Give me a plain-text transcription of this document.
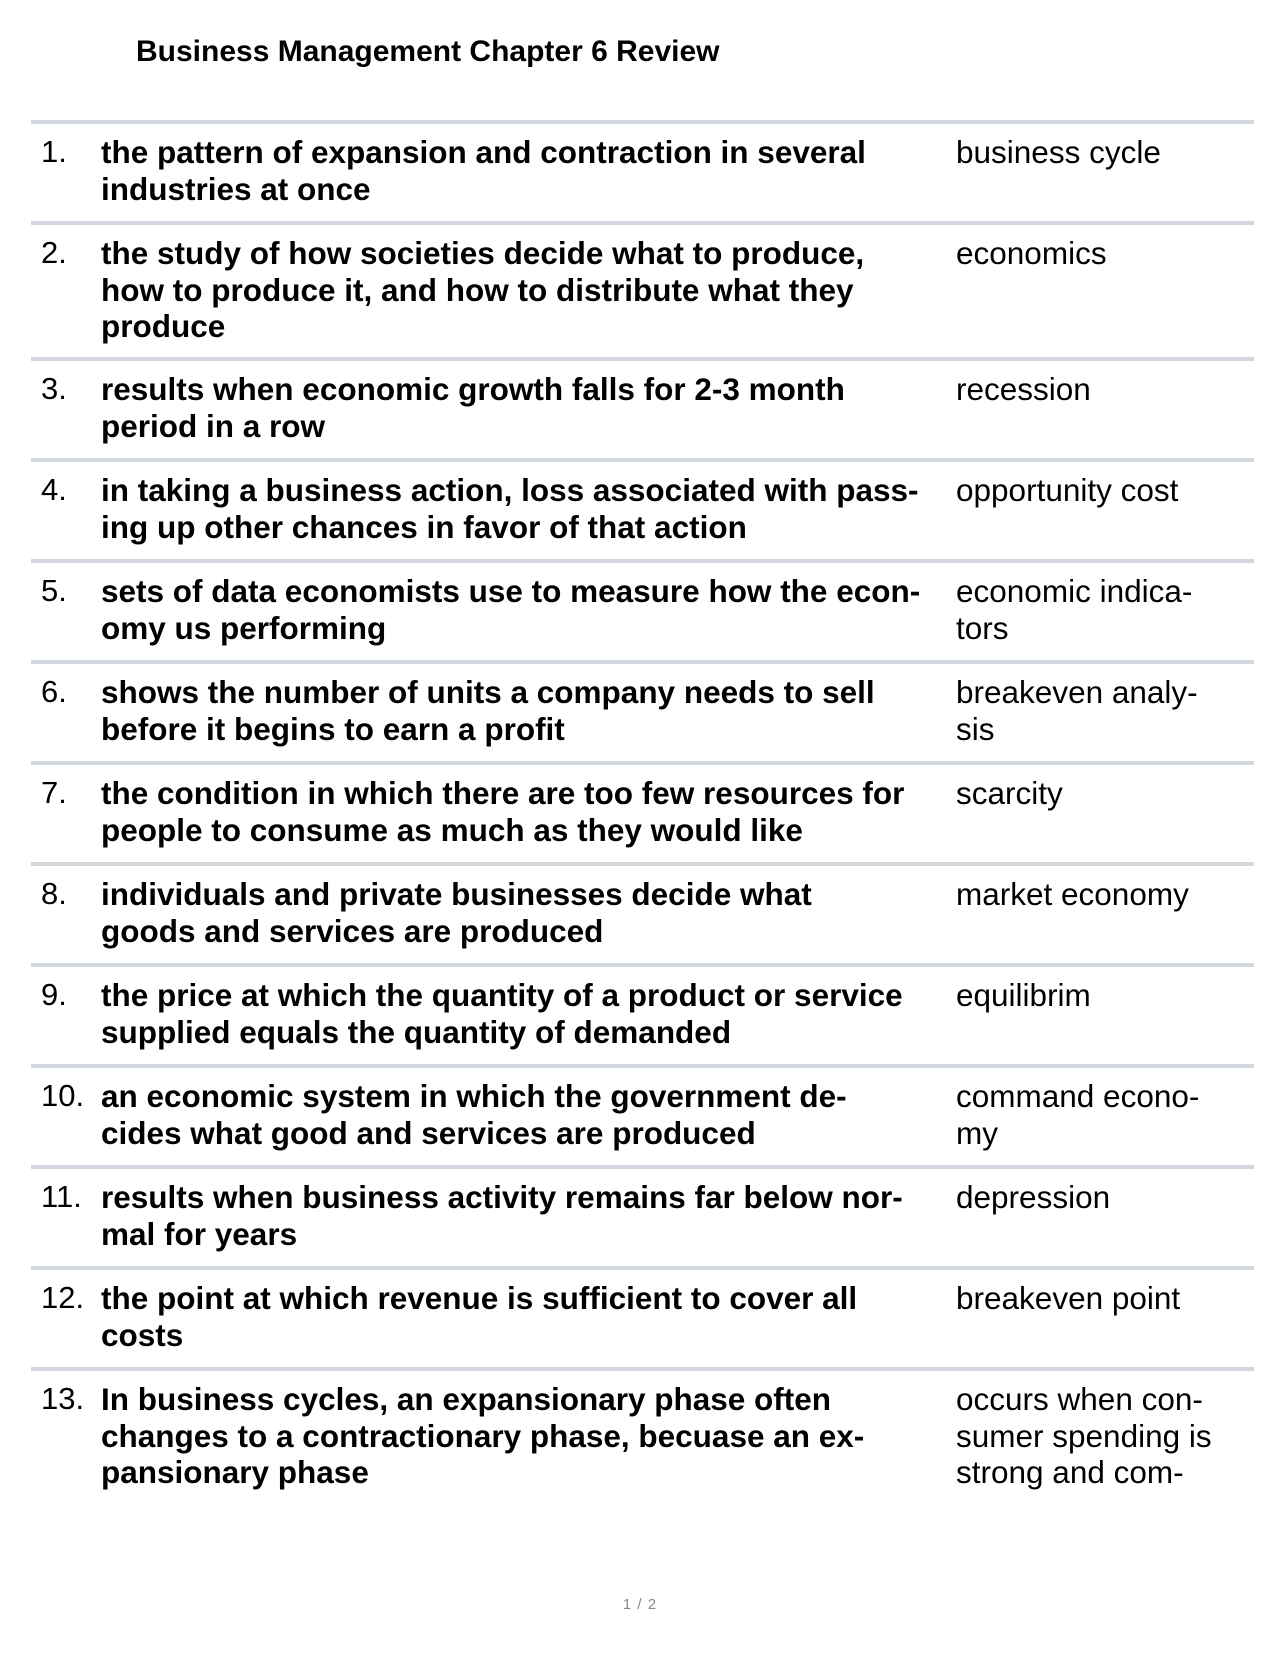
Business Management Chapter 6 Review
1. the pattern of expansion and contraction in several
industries at once
business cycle
2. the study of how societies decide what to produce,
how to produce it, and how to distribute what they
produce
economics
3. results when economic growth falls for 2-3 month
period in a row
recession
4. in taking a business action, loss associated with pass-
ing up other chances in favor of that action
opportunity cost
5. sets of data economists use to measure how the econ-
omy us performing
economic indica-
tors
6. shows the number of units a company needs to sell
before it begins to earn a profit
breakeven analy-
sis
7. the condition in which there are too few resources for
people to consume as much as they would like
scarcity
8. individuals and private businesses decide what
goods and services are produced
market economy
9. the price at which the quantity of a product or service
supplied equals the quantity of demanded
equilibrim
10. an economic system in which the government de-
cides what good and services are produced
command econo-
my
11. results when business activity remains far below nor-
mal for years
depression
12. the point at which revenue is sufficient to cover all
costs
breakeven point
13. In business cycles, an expansionary phase often
changes to a contractionary phase, becuase an ex-
pansionary phase
occurs when con-
sumer spending is
strong and com-
1 / 2
